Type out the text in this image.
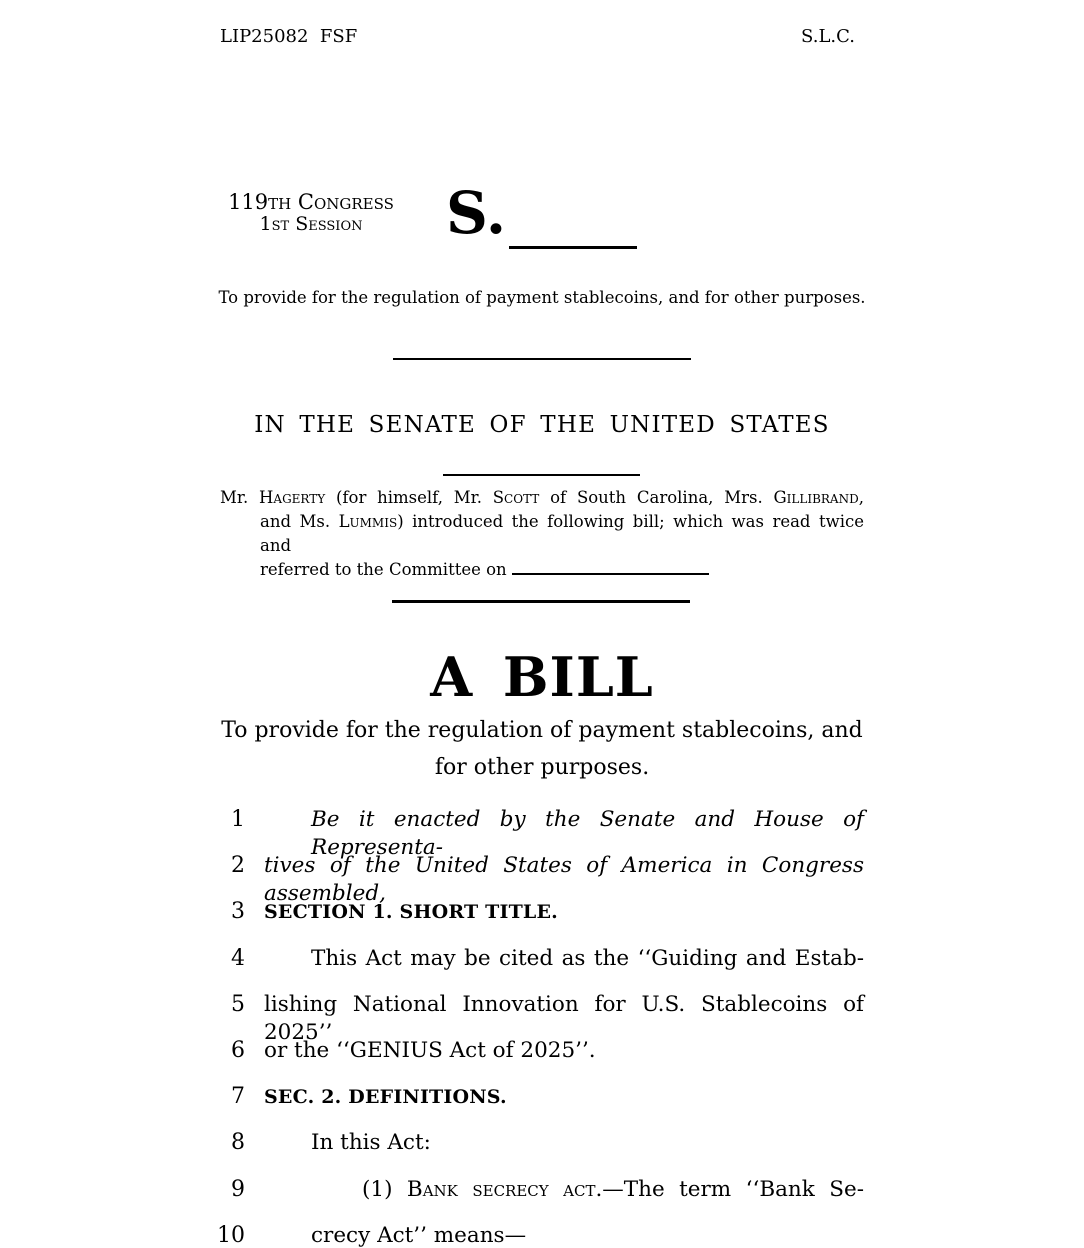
LIP25082  FSF	S.L.C.
119th Congress
1st Session	S.
To provide for the regulation of payment stablecoins, and for other purposes.
IN THE SENATE OF THE UNITED STATES
Mr. Hagerty (for himself, Mr. Scott of South Carolina, Mrs. Gillibrand,
and Ms. Lummis) introduced the following bill; which was read twice and
referred to the Committee on
A BILL
To provide for the regulation of payment stablecoins, and
for other purposes.
1	Be it enacted by the Senate and House of Representa-
2 tives of the United States of America in Congress assembled,
3 SECTION 1. SHORT TITLE.
4	This Act may be cited as the ‘‘Guiding and Estab-
5 lishing National Innovation for U.S. Stablecoins of 2025’’
6 or the ‘‘GENIUS Act of 2025’’.
7 SEC. 2. DEFINITIONS.
8	In this Act:
9	(1) Bank secrecy act.—The term ‘‘Bank Se-
10	crecy Act’’ means—
